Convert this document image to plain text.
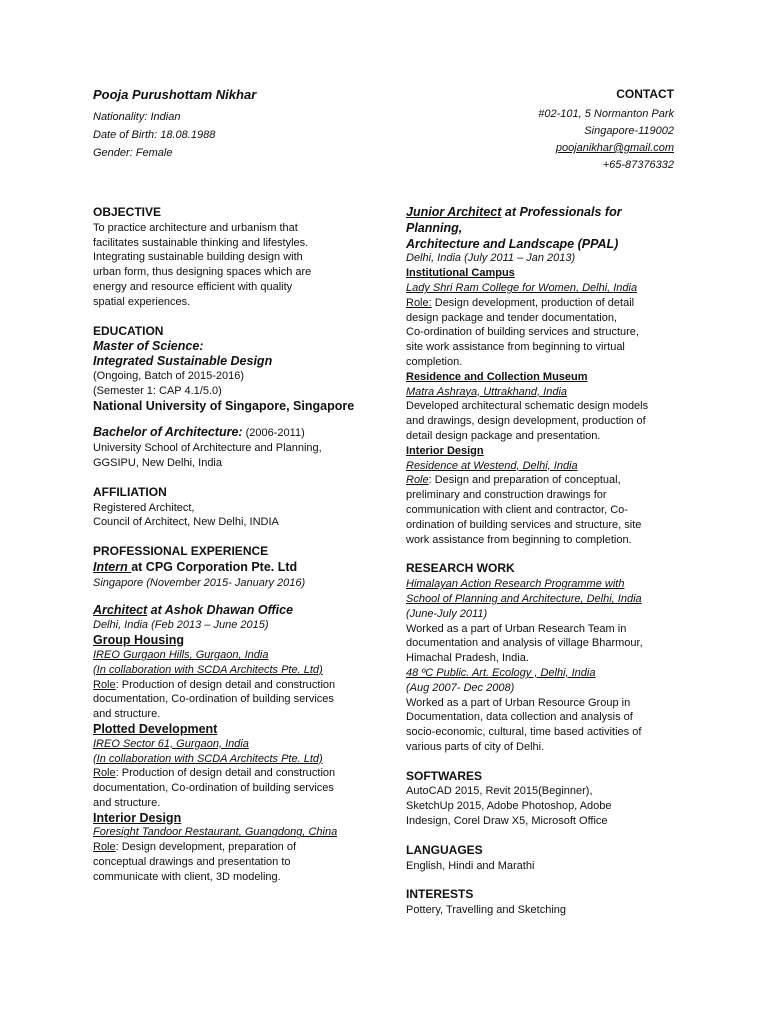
Pooja Purushottam Nikhar
Nationality: Indian
Date of Birth: 18.08.1988
Gender: Female
CONTACT
#02-101, 5 Normanton Park
Singapore-119002
poojanikhar@gmail.com
+65-87376332
OBJECTIVE
To practice architecture and urbanism that
facilitates sustainable thinking and lifestyles.
Integrating sustainable building design with
urban form, thus designing spaces which are
energy and resource efficient with quality
spatial experiences.
EDUCATION
Master of Science:
Integrated Sustainable Design
(Ongoing, Batch of 2015-2016)
(Semester 1: CAP 4.1/5.0)
National University of Singapore, Singapore
Bachelor of Architecture: (2006-2011)
University School of Architecture and Planning,
GGSIPU, New Delhi, India
AFFILIATION
Registered Architect,
Council of Architect, New Delhi, INDIA
PROFESSIONAL EXPERIENCE
Intern at CPG Corporation Pte. Ltd
Singapore (November 2015- January 2016)
Architect at Ashok Dhawan Office
Delhi, India (Feb 2013 – June 2015)
Group Housing
IREO Gurgaon Hills, Gurgaon, India
(In collaboration with SCDA Architects Pte. Ltd)
Role: Production of design detail and construction
documentation, Co-ordination of building services
and structure.
Plotted Development
IREO Sector 61, Gurgaon, India
(In collaboration with SCDA Architects Pte. Ltd)
Role: Production of design detail and construction
documentation, Co-ordination of building services
and structure.
Interior Design
Foresight Tandoor Restaurant, Guangdong, China
Role: Design development, preparation of
conceptual drawings and presentation to
communicate with client, 3D modeling.
Junior Architect at Professionals for Planning,
Architecture and Landscape (PPAL)
Delhi, India (July 2011 – Jan 2013)
Institutional Campus
Lady Shri Ram College for Women, Delhi, India
Role: Design development, production of detail
design package and tender documentation,
Co-ordination of building services and structure,
site work assistance from beginning to virtual
completion.
Residence and Collection Museum
Matra Ashraya, Uttrakhand, India
Developed architectural schematic design models
and drawings, design development, production of
detail design package and presentation.
Interior Design
Residence at Westend, Delhi, India
Role: Design and preparation of conceptual,
preliminary and construction drawings for
communication with client and contractor, Co-
ordination of building services and structure, site
work assistance from beginning to completion.
RESEARCH WORK
Himalayan Action Research Programme with
School of Planning and Architecture, Delhi, India
(June-July 2011)
Worked as a part of Urban Research Team in
documentation and analysis of village Bharmour,
Himachal Pradesh, India.
48 ºC Public. Art. Ecology , Delhi, India
(Aug 2007- Dec 2008)
Worked as a part of Urban Resource Group in
Documentation, data collection and analysis of
socio-economic, cultural, time based activities of
various parts of city of Delhi.
SOFTWARES
AutoCAD 2015, Revit 2015(Beginner),
SketchUp 2015, Adobe Photoshop, Adobe
Indesign, Corel Draw X5, Microsoft Office
LANGUAGES
English, Hindi and Marathi
INTERESTS
Pottery, Travelling and Sketching
